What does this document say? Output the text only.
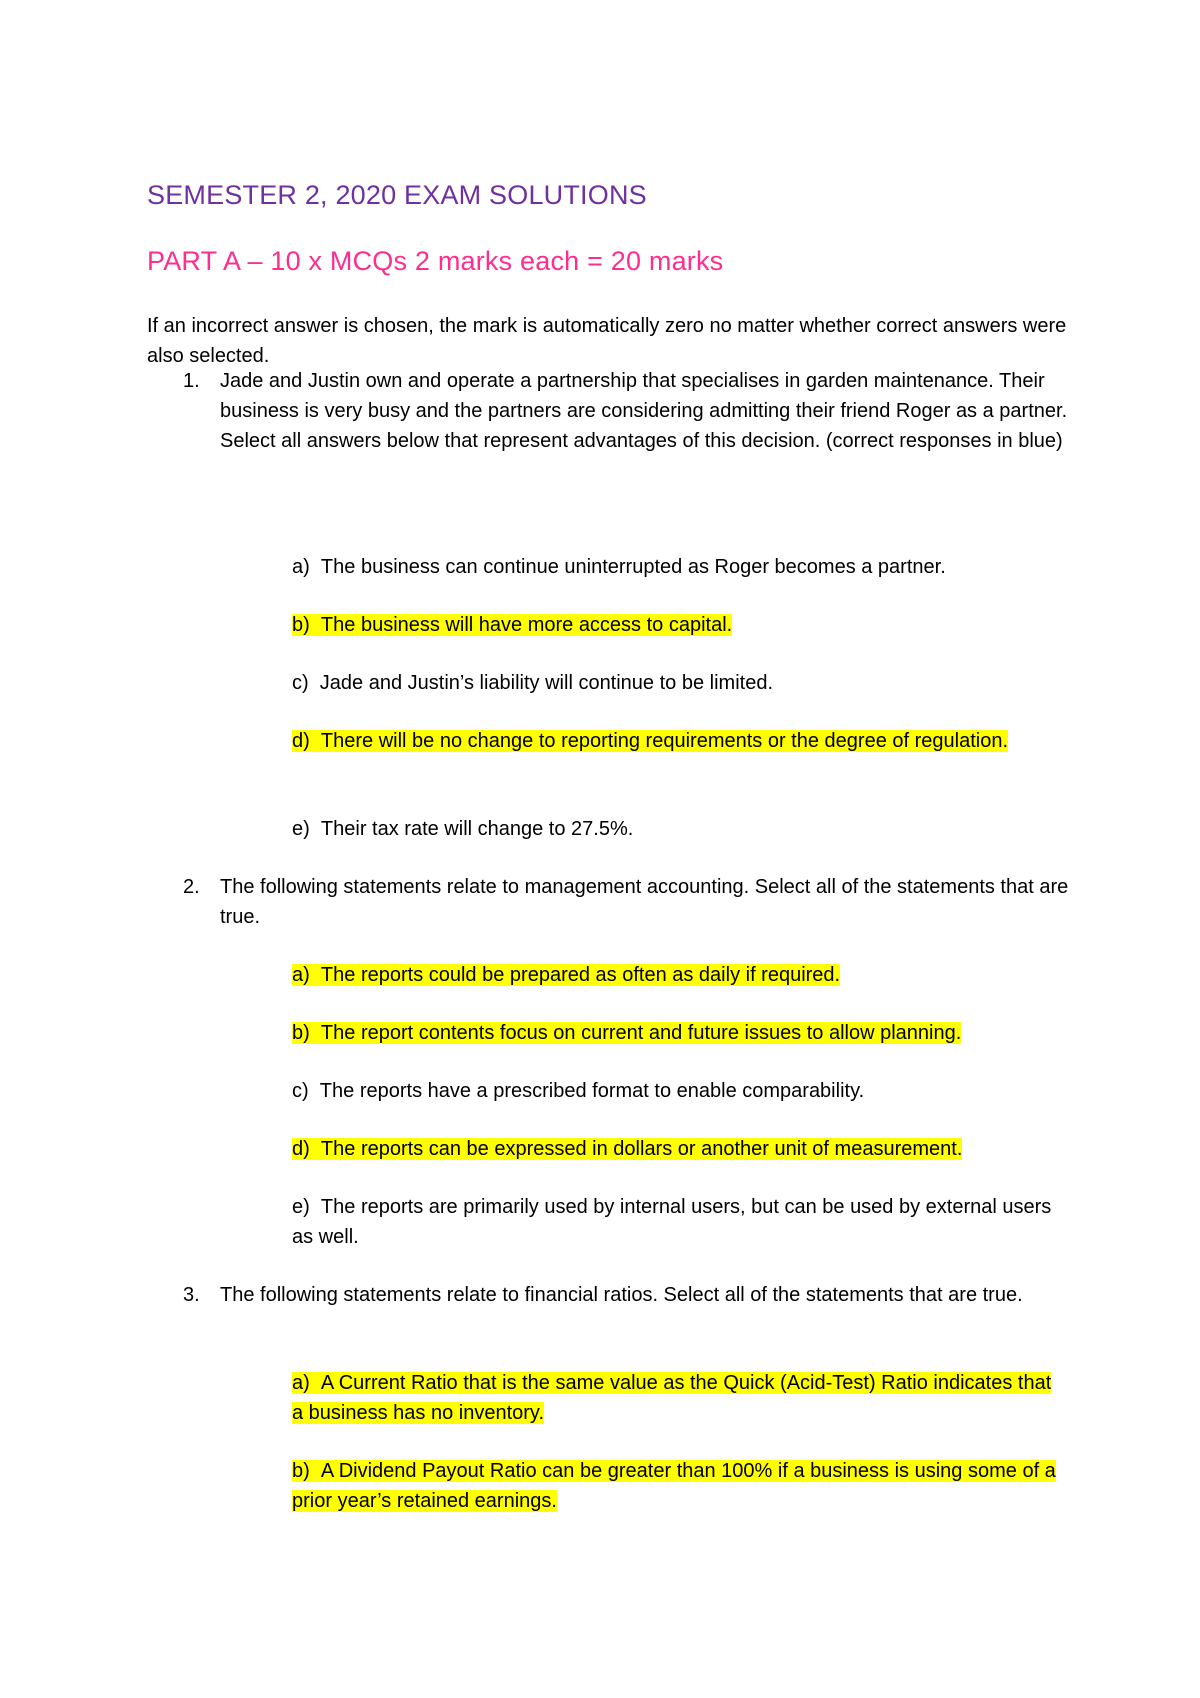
SEMESTER 2, 2020 EXAM SOLUTIONS
PART A – 10 x MCQs 2 marks each = 20 marks
If an incorrect answer is chosen, the mark is automatically zero no matter whether correct answers were also selected.
1. Jade and Justin own and operate a partnership that specialises in garden maintenance. Their business is very busy and the partners are considering admitting their friend Roger as a partner. Select all answers below that represent advantages of this decision. (correct responses in blue)
a) The business can continue uninterrupted as Roger becomes a partner.
b) The business will have more access to capital.
c) Jade and Justin’s liability will continue to be limited.
d) There will be no change to reporting requirements or the degree of regulation.
e) Their tax rate will change to 27.5%.
2. The following statements relate to management accounting. Select all of the statements that are true.
a) The reports could be prepared as often as daily if required.
b) The report contents focus on current and future issues to allow planning.
c) The reports have a prescribed format to enable comparability.
d) The reports can be expressed in dollars or another unit of measurement.
e) The reports are primarily used by internal users, but can be used by external users as well.
3. The following statements relate to financial ratios. Select all of the statements that are true.
a) A Current Ratio that is the same value as the Quick (Acid-Test) Ratio indicates that a business has no inventory.
b) A Dividend Payout Ratio can be greater than 100% if a business is using some of a prior year’s retained earnings.
